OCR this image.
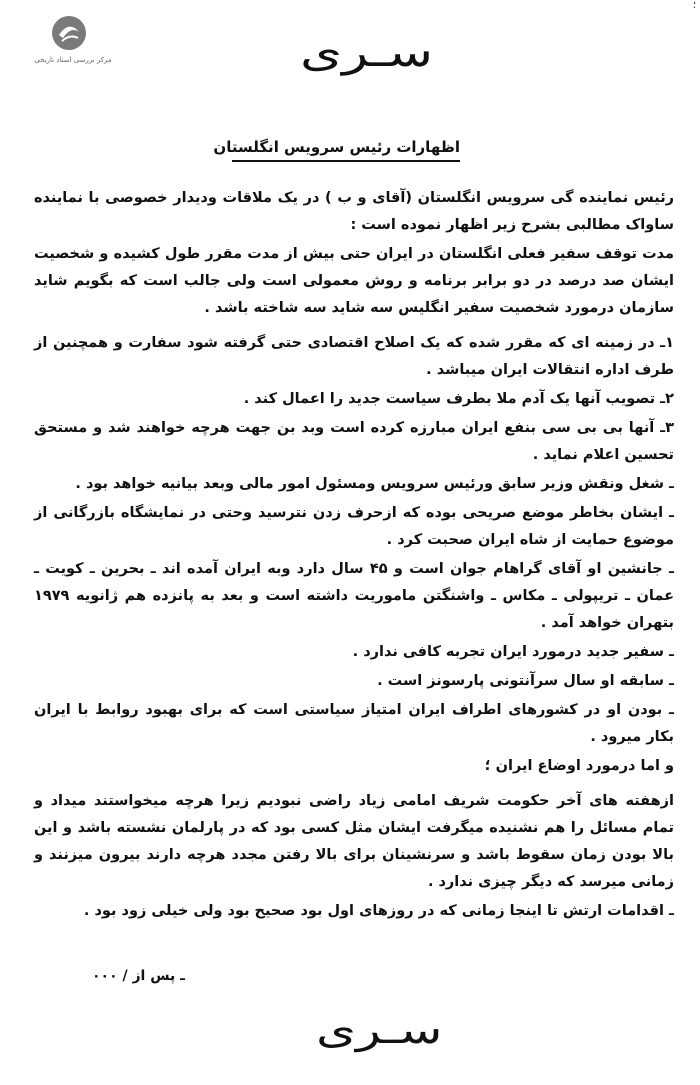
مرکز بررسی اسناد تاریخی
؛
سـری
اظهارات رئیس سرویس انگلستان

رئیس نماینده گی سرویس انگلستان (آقای و ب ) در یک ملاقات ودیدار خصوصی با نماینده ساواک مطالبی بشرح زیر اظهار نموده است :

مدت توقف سفیر فعلی انگلستان در ایران حتی بیش از مدت مقرر طول کشیده و شخصیت ایشان صد درصد در دو برابر برنامه و روش معمولی است ولی جالب است که بگویم شاید سازمان درمورد شخصیت سفیر انگلیس سه شاید سه شاخته باشد .

۱ـ در زمینه ای که مقرر شده که یک اصلاح اقتصادی حتی گرفته شود سفارت و همچنین از طرف اداره انتقالات ایران میباشد .

۲ـ تصویب آنها یک آدم ملا بطرف سیاست جدید را اعمال کند .

۳ـ آنها بی بی سی بنفع ایران مبارزه کرده است وبد بن جهت هرچه خواهند شد و مستحق تحسین اعلام نماید .

ـ شغل ونقش وزیر سابق ورئیس سرویس ومسئول امور مالی وبعد بیانیه خواهد بود .

ـ ایشان بخاطر موضع صریحی بوده که ازحرف زدن نترسید وحتی در نمایشگاه بازرگانی از موضوع حمایت از شاه ایران صحبت کرد .

ـ جانشین او آقای گراهام جوان است و ۴۵ سال دارد وبه ایران آمده اند ـ بحرین ـ کویت ـ عمان ـ تریپولی ـ مکاس ـ واشنگتن ماموریت داشته است و بعد به پانزده هم ژانویه ۱۹۷۹ بتهران خواهد آمد .

ـ سفیر جدید درمورد ایران تجربه کافی ندارد .

ـ سابقه او سال سرآنتونی پارسونز است .

ـ بودن او در کشورهای اطراف ایران امتیاز سیاستی است که برای بهبود روابط با ایران بکار میرود .

و اما درمورد اوضاع ایران ؛

ازهفته های آخر حکومت شریف امامی زیاد راضی نبودیم زیرا هرچه میخواستند میداد و تمام مسائل را هم نشنیده میگرفت ایشان مثل کسی بود که در پارلمان نشسته باشد و این بالا بودن زمان سقوط باشد و سرنشینان برای بالا رفتن مجدد هرچه دارند بیرون میزنند و زمانی میرسد که دیگر چیزی ندارد .

ـ اقدامات ارتش تا اینجا زمانی که در روزهای اول بود صحیح بود ولی خیلی زود بود .

ـ پس از / ۰۰۰
سـری
